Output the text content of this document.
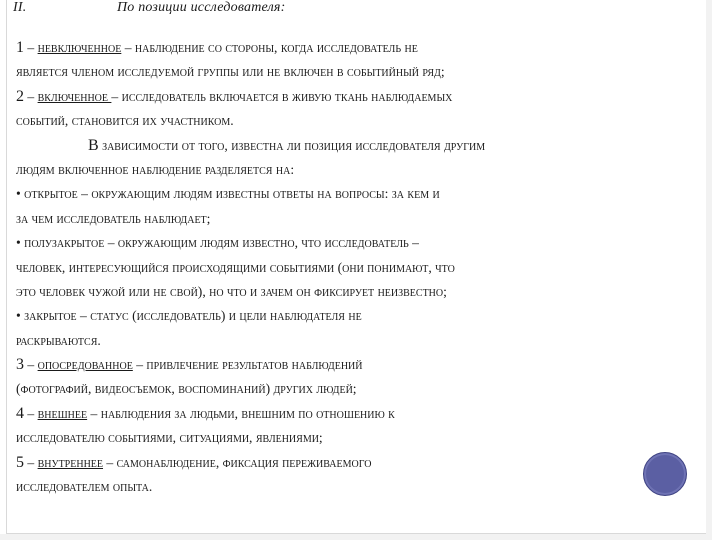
II.	По позиции исследователя:
1 – невключенное – наблюдение со стороны, когда исследователь не
является членом исследуемой группы или не включен в событийный ряд;
2 – включенное – исследователь включается в живую ткань наблюдаемых
событий, становится их участником.
В зависимости от того, известна ли позиция исследователя другим
людям включенное наблюдение разделяется на:
• открытое – окружающим людям известны ответы на вопросы: за кем и
за чем исследователь наблюдает;
• полузакрытое – окружающим людям известно, что исследователь –
человек, интересующийся происходящими событиями (они понимают, что
это человек чужой или не свой), но что и зачем он фиксирует неизвестно;
• закрытое – статус (исследователь) и цели наблюдателя не
раскрываются.
3 – опосредованное – привлечение результатов наблюдений
(фотографий, видеосъемок, воспоминаний) других людей;
4 – внешнее – наблюдения за людьми, внешним по отношению к
исследователю событиями, ситуациями, явлениями;
5 – внутреннее – самонаблюдение, фиксация переживаемого
исследователем опыта.
